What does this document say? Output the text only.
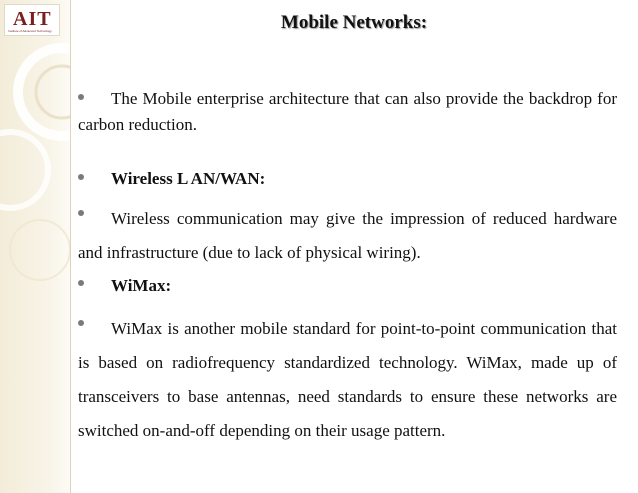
AIT
Institute of Advanced Technology	Mobile Networks:
The Mobile enterprise architecture that can also provide the backdrop for carbon reduction.
Wireless L AN/WAN:
Wireless communication may give the impression of reduced hardware and infrastructure (due to lack of physical wiring).
WiMax:
WiMax is another mobile standard for point-to-point communication that is based on radiofrequency standardized technology. WiMax, made up of transceivers to base antennas, need standards to ensure these networks are switched on-and-off depending on their usage pattern.
